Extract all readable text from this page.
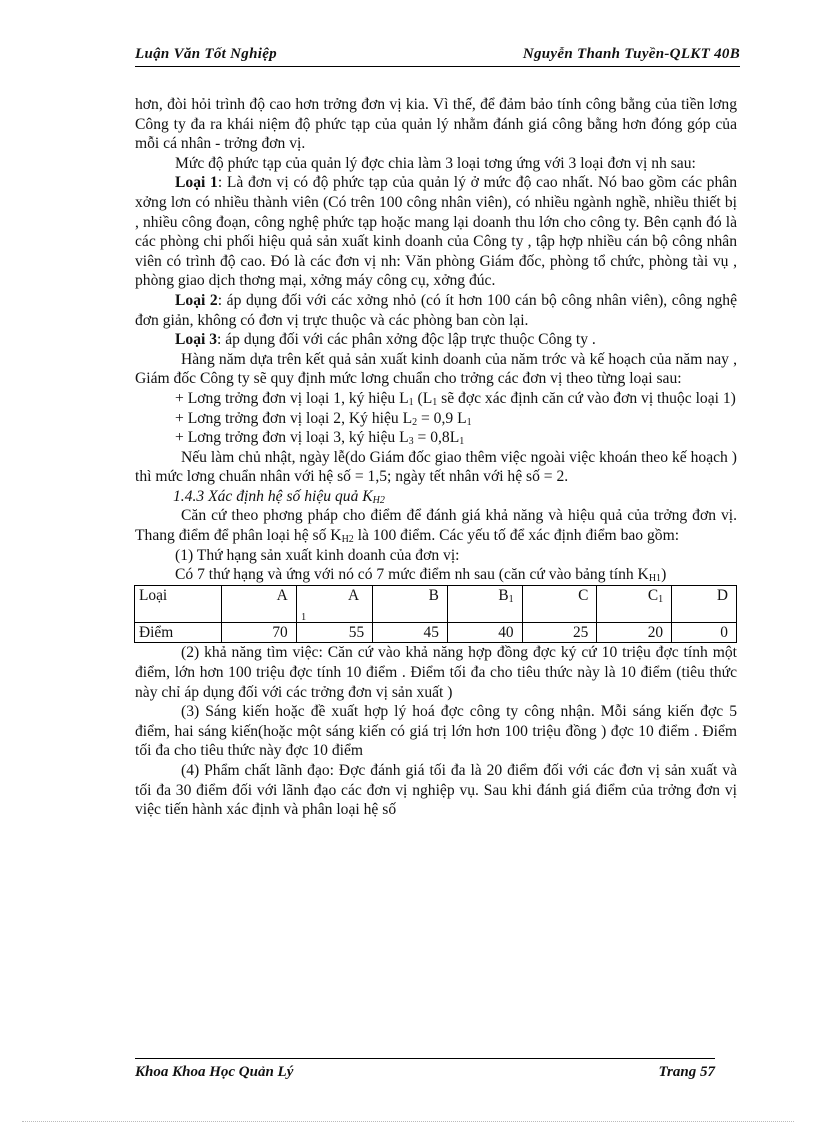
Luận Văn Tốt Nghiệp	Nguyễn Thanh Tuyền-QLKT 40B

hơn, đòi hỏi trình độ cao hơn trởng đơn vị kia. Vì thế, để đảm bảo tính công bằng của tiền lơng Công ty đa ra khái niệm độ phức tạp của quản lý nhằm đánh giá công bằng hơn đóng góp của mỗi cá nhân - trởng đơn vị.

Mức độ phức tạp của quản lý đợc chia làm 3 loại tơng ứng với 3 loại đơn vị nh sau:

Loại 1: Là đơn vị có độ phức tạp của quản lý ở mức độ cao nhất. Nó bao gồm các phân xởng lơn có nhiều thành viên (Có trên 100 công nhân viên), có nhiều ngành nghề, nhiều thiết bị , nhiều công đoạn, công nghệ phức tạp hoặc mang lại doanh thu lớn cho công ty. Bên cạnh đó là các phòng chi phối hiệu quả sản xuất kinh doanh của Công ty , tập hợp nhiều cán bộ công nhân viên có trình độ cao. Đó là các đơn vị nh: Văn phòng Giám đốc, phòng tổ chức, phòng tài vụ , phòng giao dịch thơng mại, xởng máy công cụ, xởng đúc.

Loại 2: áp dụng đối với các xởng nhỏ (có ít hơn 100 cán bộ công nhân viên), công nghệ đơn giản, không có đơn vị trực thuộc và các phòng ban còn lại.

Loại 3: áp dụng đối với các phân xởng độc lập trực thuộc Công ty .

Hàng năm dựa trên kết quả sản xuất kinh doanh của năm trớc và kế hoạch của năm nay , Giám đốc Công ty sẽ quy định mức lơng chuẩn cho trởng các đơn vị theo từng loại sau:

+ Lơng trởng đơn vị loại 1, ký hiệu $L_1$ ($L_1$ sẽ đợc xác định căn cứ vào đơn vị thuộc loại 1)

+ Lơng trởng đơn vị loại 2, Ký hiệu $L_2 = 0,9$ $L_1$

+ Lơng trởng đơn vị loại 3, ký hiệu $L_3 = 0,8L_1$

Nếu làm chủ nhật, ngày lễ(do Giám đốc giao thêm việc ngoài việc khoán theo kế hoạch ) thì mức lơng chuẩn nhân với hệ số = 1,5; ngày tết nhân với hệ số = 2.

1.4.3 Xác định hệ số hiệu quả $K_{H2}$

Căn cứ theo phơng pháp cho điểm để đánh giá khả năng và hiệu quả của trởng đơn vị. Thang điểm để phân loại hệ số $K_{H2}$ là 100 điểm. Các yếu tố để xác định điểm bao gồm:

(1) Thứ hạng sản xuất kinh doanh của đơn vị:

Có 7 thứ hạng và ứng với nó có 7 mức điểm nh sau (căn cứ vào bảng tính $K_{H1}$)

Loại	A	$A_1$	B	$B_1$	C	$C_1$	D
Điểm	70	55	45	40	25	20	0

(2) khả năng tìm việc: Căn cứ vào khả năng hợp đồng đợc ký cứ 10 triệu đợc tính một điểm, lớn hơn 100 triệu đợc tính 10 điểm . Điểm tối đa cho tiêu thức này là 10 điểm (tiêu thức này chỉ áp dụng đối với các trởng đơn vị sản xuất )

(3) Sáng kiến hoặc đề xuất hợp lý hoá đợc công ty công nhận. Mỗi sáng kiến đợc 5 điểm, hai sáng kiến(hoặc một sáng kiến có giá trị lớn hơn 100 triệu đồng ) đợc 10 điểm . Điểm tối đa cho tiêu thức này đợc 10 điểm

(4) Phẩm chất lãnh đạo: Đợc đánh giá tối đa là 20 điểm đối với các đơn vị sản xuất và tối đa 30 điểm đối với lãnh đạo các đơn vị nghiệp vụ. Sau khi đánh giá điểm của trởng đơn vị việc tiến hành xác định và phân loại hệ số

Khoa Khoa Học Quản Lý	Trang 57
